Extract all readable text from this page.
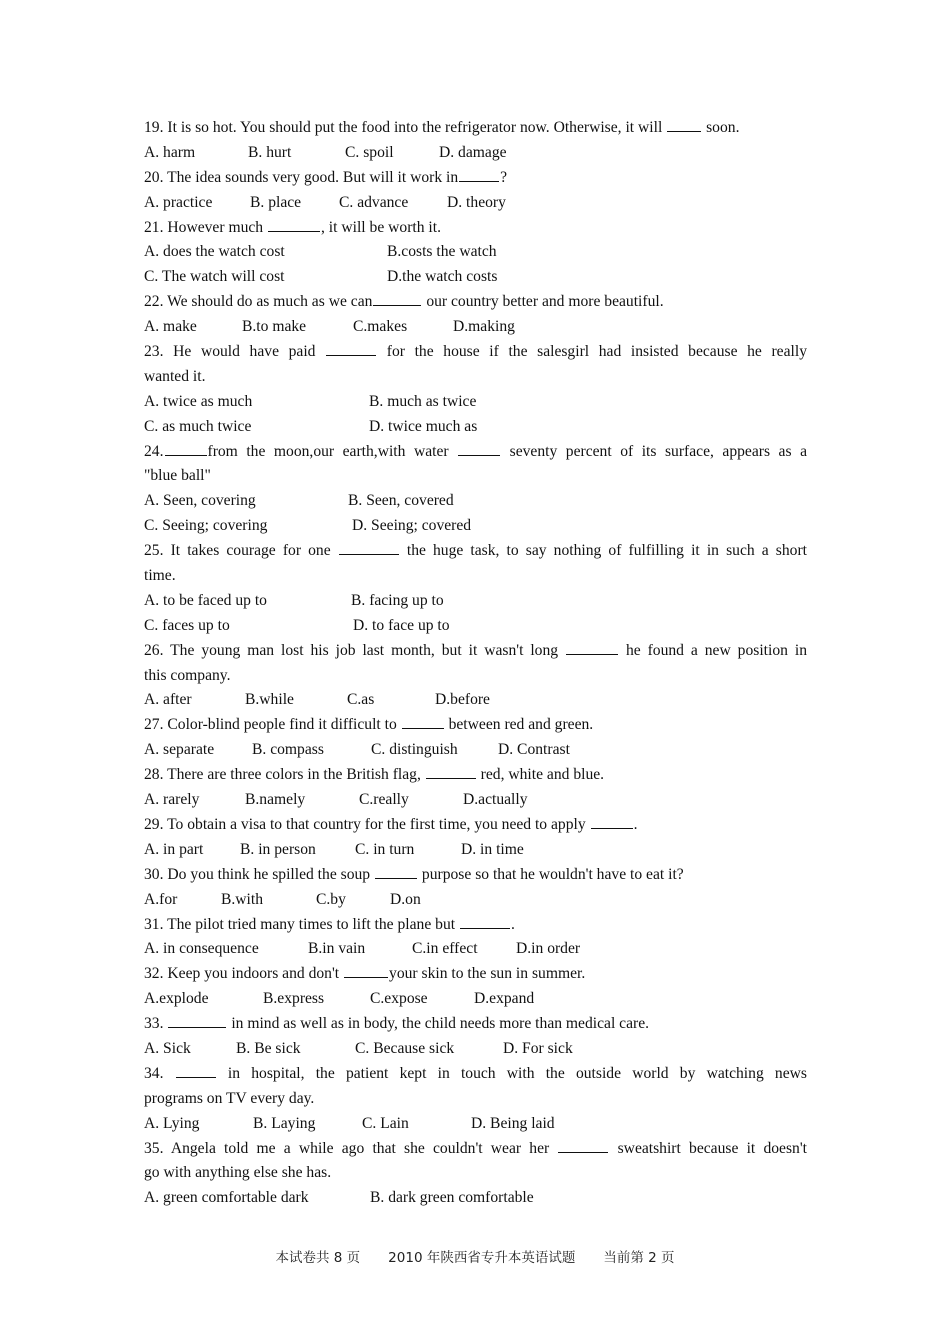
19. It is so hot. You should put the food into the refrigerator now. Otherwise, it will	soon.
A. harm	B. hurt	C. spoil	D. damage
20. The idea sounds very good. But will it work in	?
A. practice B. place C. advance D. theory
21. However much	, it will be worth it.
A. does the watch cost	B.costs the watch
C. The watch will cost	D.the watch costs
22. We should do as much as we can	our country better and more beautiful.
A. make	B.to make	C.makes	D.making
23. He would have paid	for the house if the salesgirl had insisted because he really
wanted it.
A. twice as much	B. much as twice
C. as much twice	D. twice much as
24.	from the moon,our earth,with water	seventy percent of its surface, appears as a
"blue ball"
A. Seen, covering	B. Seen, covered
C. Seeing; covering	D. Seeing; covered
25. It takes courage for one	the huge task, to say nothing of fulfilling it in such a short
time.
A. to be faced up to	B. facing up to
C. faces up to	D. to face up to
26. The young man lost his job last month, but it wasn't long	he found a new position in
this company.
A. after	B.while	C.as	D.before
27. Color-blind people find it difficult to	between red and green.
A. separate B. compass	C. distinguish	D. Contrast
28. There are three colors in the British flag,	red, white and blue.
A. rarely	B.namely	C.really	D.actually
29. To obtain a visa to that country for the first time, you need to apply	.
A. in part B. in person	C. in turn	D. in time
30. Do you think he spilled the soup	purpose so that he wouldn't have to eat it?
A.for	B.with	C.by	D.on
31. The pilot tried many times to lift the plane but	.
A. in consequence	B.in vain	C.in effect D.in order
32. Keep you indoors and don't	your skin to the sun in summer.
A.explode	B.express	C.expose	D.expand
33.	in mind as well as in body, the child needs more than medical care.
A. Sick	B. Be sick	C. Because sick	D. For sick
34.	in hospital, the patient kept in touch with the outside world by watching news
programs on TV every day.
A. Lying	B. Laying	C. Lain	D. Being laid
35. Angela told me a while ago that she couldn't wear her	sweatshirt because it doesn't
go with anything else she has.
A. green comfortable dark	B. dark green comfortable
本试卷共 8 页 2010 年陕西省专升本英语试题 当前第 2 页
